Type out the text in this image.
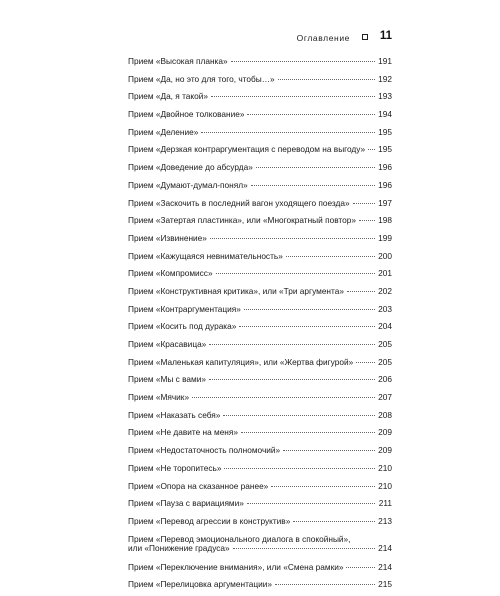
Оглавление	11
Прием «Высокая планка»	191
Прием «Да, но это для того, чтобы…»	192
Прием «Да, я такой»	193
Прием «Двойное толкование»	194
Прием «Деление»	195
Прием «Дерзкая контраргументация с переводом на выгоду» 195
Прием «Доведение до абсурда»	196
Прием «Думают-думал-понял»	196
Прием «Заскочить в последний вагон уходящего поезда»	197
Прием «Затертая пластинка», или «Многократный повтор»	198
Прием «Извинение»	199
Прием «Кажущаяся невнимательность»	200
Прием «Компромисс»	201
Прием «Конструктивная критика», или «Три аргумента»	202
Прием «Контраргументация»	203
Прием «Косить под дурака»	204
Прием «Красавица»	205
Прием «Маленькая капитуляция», или «Жертва фигурой»	205
Прием «Мы с вами»	206
Прием «Мячик»	207
Прием «Наказать себя»	208
Прием «Не давите на меня»	209
Прием «Недостаточность полномочий»	209
Прием «Не торопитесь»	210
Прием «Опора на сказанное ранее»	210
Прием «Пауза с вариациями»	211
Прием «Перевод агрессии в конструктив»	213
Прием «Перевод эмоционального диалога в спокойный»,
или «Понижение градуса»	214
Прием «Переключение внимания», или «Смена рамки»	214
Прием «Перелицовка аргументации»	215
